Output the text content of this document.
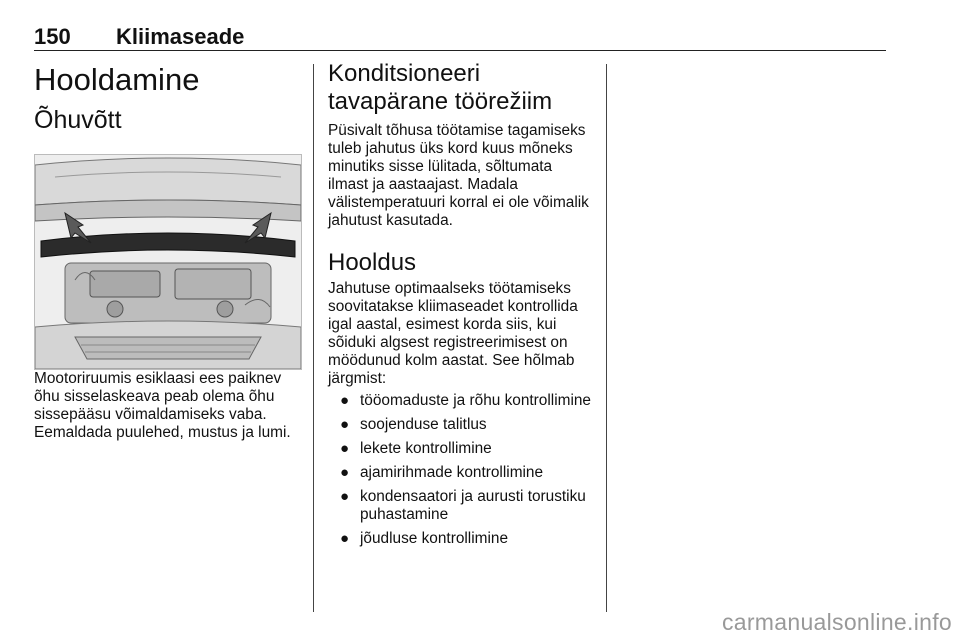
150 Kliimaseade
Hooldamine
Õhuvõtt

Mootoriruumis esiklaasi ees paiknev õhu sisselaskeava peab olema õhu sissepääsu võimaldamiseks vaba. Eemaldada puulehed, mustus ja lumi.

Konditsioneeri tavapärane töörežiim

Püsivalt tõhusa töötamise tagamiseks tuleb jahutus üks kord kuus mõneks minutiks sisse lülitada, sõltumata ilmast ja aastaajast. Madala välistemperatuuri korral ei ole võimalik jahutust kasutada.

Hooldus

Jahutuse optimaalseks töötamiseks soovitatakse kliimaseadet kontrollida igal aastal, esimest korda siis, kui sõiduki algsest registreerimisest on möödunud kolm aastat. See hõlmab järgmist:

● tööomaduste ja rõhu kontrollimine
● soojenduse talitlus
● lekete kontrollimine
● ajamirihmade kontrollimine
● kondensaatori ja aurusti torustiku puhastamine
● jõudluse kontrollimine
carmanualsonline.info
